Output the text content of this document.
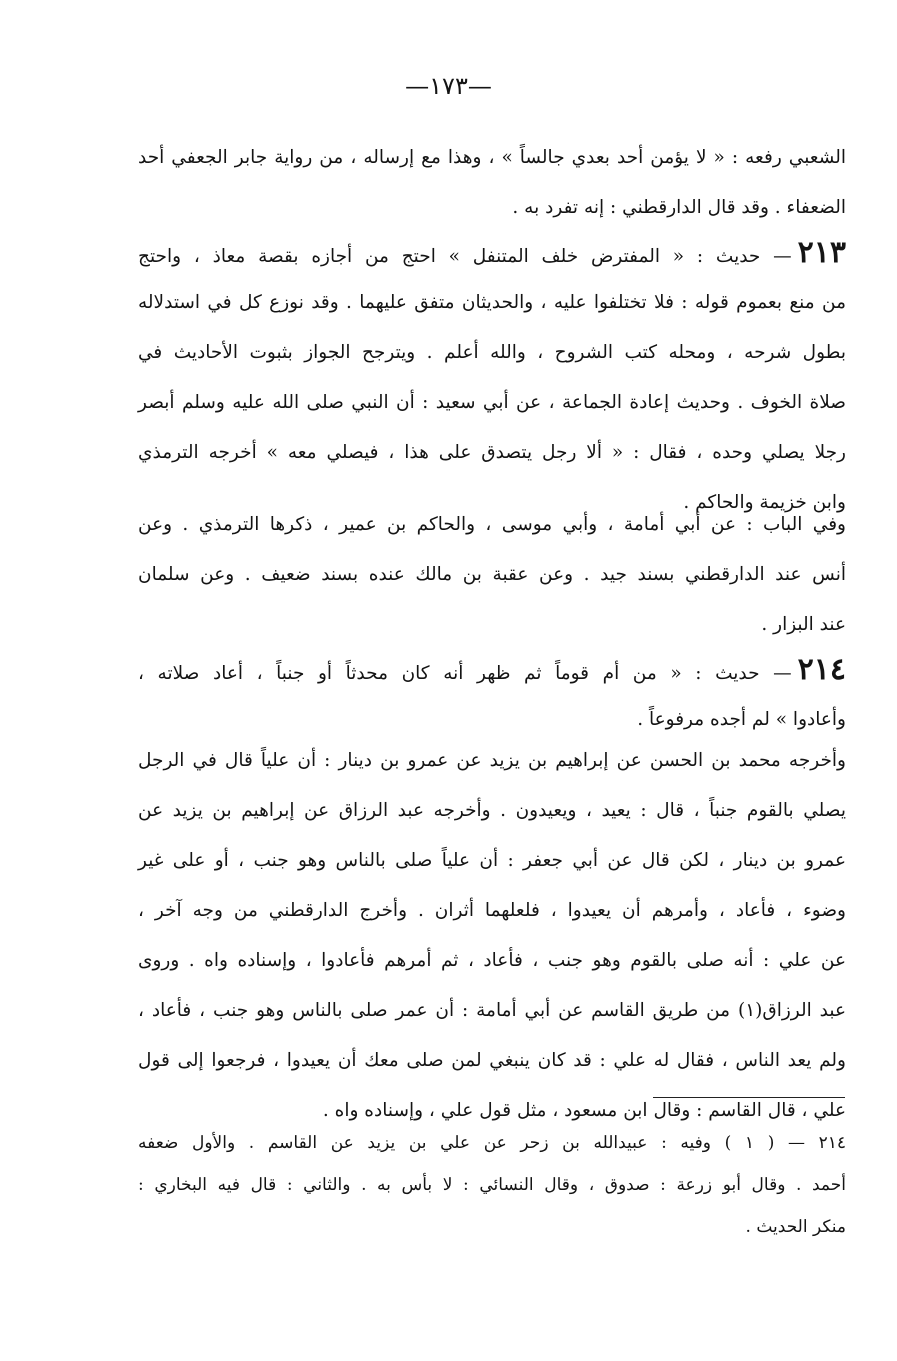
—١٧٣—
الشعبي رفعه : « لا يؤمن أحد بعدي جالساً » ، وهذا مع إرساله ، من رواية جابر الجعفي أحد
الضعفاء . وقد قال الدارقطني : إنه تفرد به .
٢١٣— حديث : « المفترض خلف المتنفل » احتج من أجازه بقصة معاذ ، واحتج
من منع بعموم قوله : فلا تختلفوا عليه ، والحديثان متفق عليهما . وقد نوزع كل في استدلاله
بطول شرحه ، ومحله كتب الشروح ، والله أعلم . ويترجح الجواز بثبوت الأحاديث في
صلاة الخوف . وحديث إعادة الجماعة ، عن أبي سعيد : أن النبي صلى الله عليه وسلم أبصر
رجلا يصلي وحده ، فقال : « ألا رجل يتصدق على هذا ، فيصلي معه » أخرجه الترمذي
وابن خزيمة والحاكم .
وفي الباب : عن أبي أمامة ، وأبي موسى ، والحاكم بن عمير ، ذكرها الترمذي . وعن
أنس عند الدارقطني بسند جيد . وعن عقبة بن مالك عنده بسند ضعيف . وعن سلمان
عند البزار .
٢١٤— حديث : « من أم قوماً ثم ظهر أنه كان محدثاً أو جنباً ، أعاد صلاته ،
وأعادوا » لم أجده مرفوعاً .
وأخرجه محمد بن الحسن عن إبراهيم بن يزيد عن عمرو بن دينار : أن علياً قال في الرجل
يصلي بالقوم جنباً ، قال : يعيد ، ويعيدون . وأخرجه عبد الرزاق عن إبراهيم بن يزيد عن
عمرو بن دينار ، لكن قال عن أبي جعفر : أن علياً صلى بالناس وهو جنب ، أو على غير
وضوء ، فأعاد ، وأمرهم أن يعيدوا ، فلعلهما أثران . وأخرج الدارقطني من وجه آخر ،
عن علي : أنه صلى بالقوم وهو جنب ، فأعاد ، ثم أمرهم فأعادوا ، وإسناده واه . وروى
عبد الرزاق(١) من طريق القاسم عن أبي أمامة : أن عمر صلى بالناس وهو جنب ، فأعاد ،
ولم يعد الناس ، فقال له علي : قد كان ينبغي لمن صلى معك أن يعيدوا ، فرجعوا إلى قول
علي ، قال القاسم : وقال ابن مسعود ، مثل قول علي ، وإسناده واه .
٢١٤ — ( ١ ) وفيه : عبيدالله بن زحر عن علي بن يزيد عن القاسم . والأول ضعفه
أحمد . وقال أبو زرعة : صدوق ، وقال النسائي : لا بأس به . والثاني : قال فيه البخاري :
منكر الحديث .
